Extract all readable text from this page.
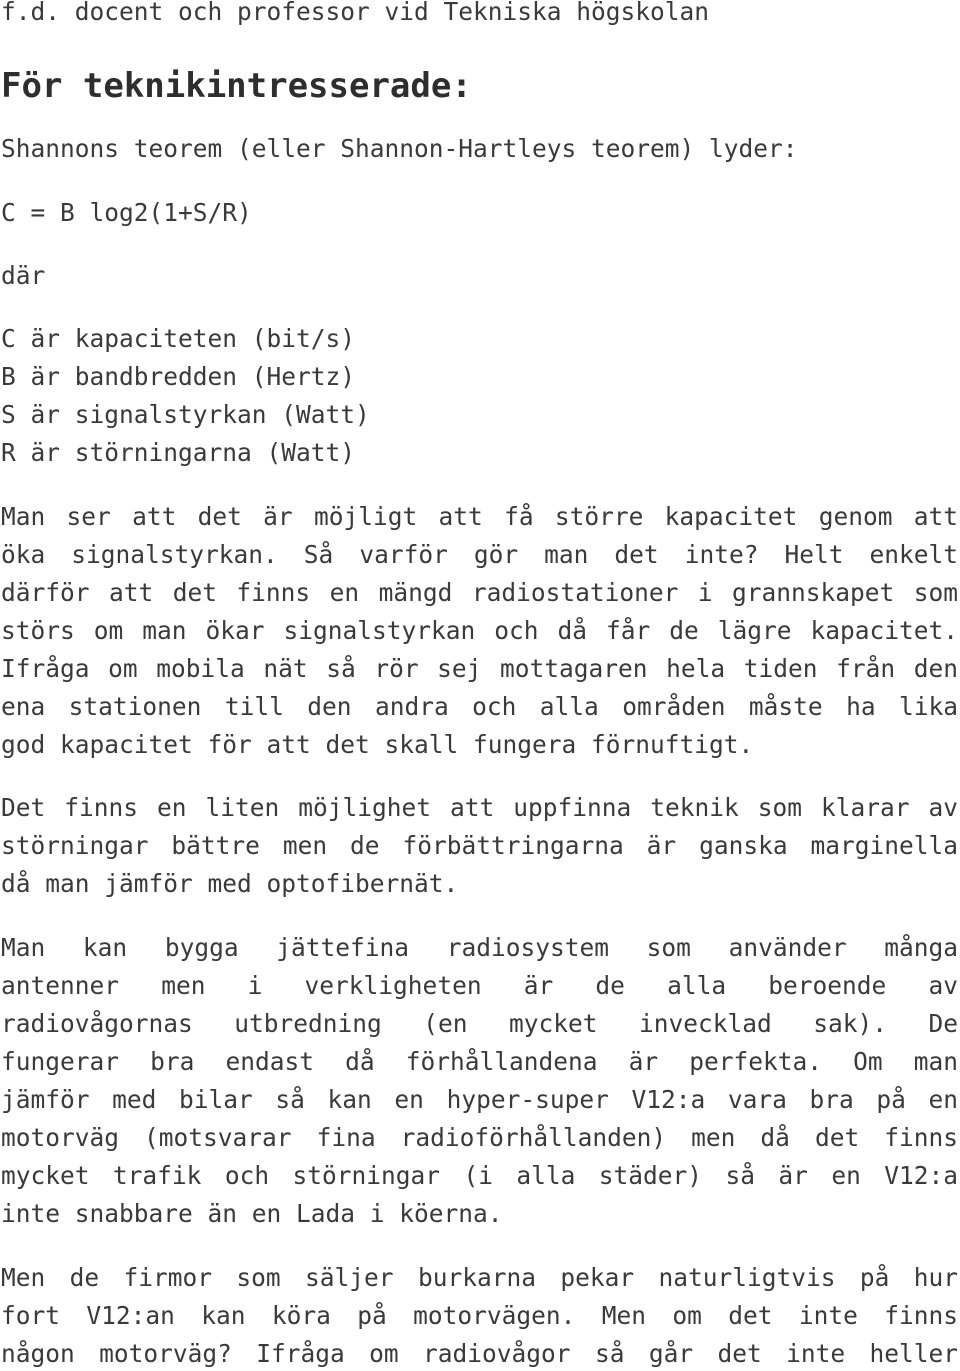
f.d. docent och professor vid Tekniska högskolan
För teknikintresserade:
Shannons teorem (eller Shannon-Hartleys teorem) lyder:
C = B log2(1+S/R)
där
C är kapaciteten (bit/s)
B är bandbredden (Hertz)
S är signalstyrkan (Watt)
R är störningarna (Watt)
Man ser att det är möjligt att få större kapacitet genom att
öka signalstyrkan. Så varför gör man det inte? Helt enkelt
därför att det finns en mängd radiostationer i grannskapet som
störs om man ökar signalstyrkan och då får de lägre kapacitet.
Ifråga om mobila nät så rör sej mottagaren hela tiden från den
ena stationen till den andra och alla områden måste ha lika
god kapacitet för att det skall fungera förnuftigt.
Det finns en liten möjlighet att uppfinna teknik som klarar av
störningar bättre men de förbättringarna är ganska marginella
då man jämför med optofibernät.
Man kan bygga jättefina radiosystem som använder många
antenner men i verkligheten är de alla beroende av
radiovågornas utbredning (en mycket invecklad sak). De
fungerar bra endast då förhållandena är perfekta. Om man
jämför med bilar så kan en hyper-super V12:a vara bra på en
motorväg (motsvarar fina radioförhållanden) men då det finns
mycket trafik och störningar (i alla städer) så är en V12:a
inte snabbare än en Lada i köerna.
Men de firmor som säljer burkarna pekar naturligtvis på hur
fort V12:an kan köra på motorvägen. Men om det inte finns
någon motorväg? Ifråga om radiovågor så går det inte heller
